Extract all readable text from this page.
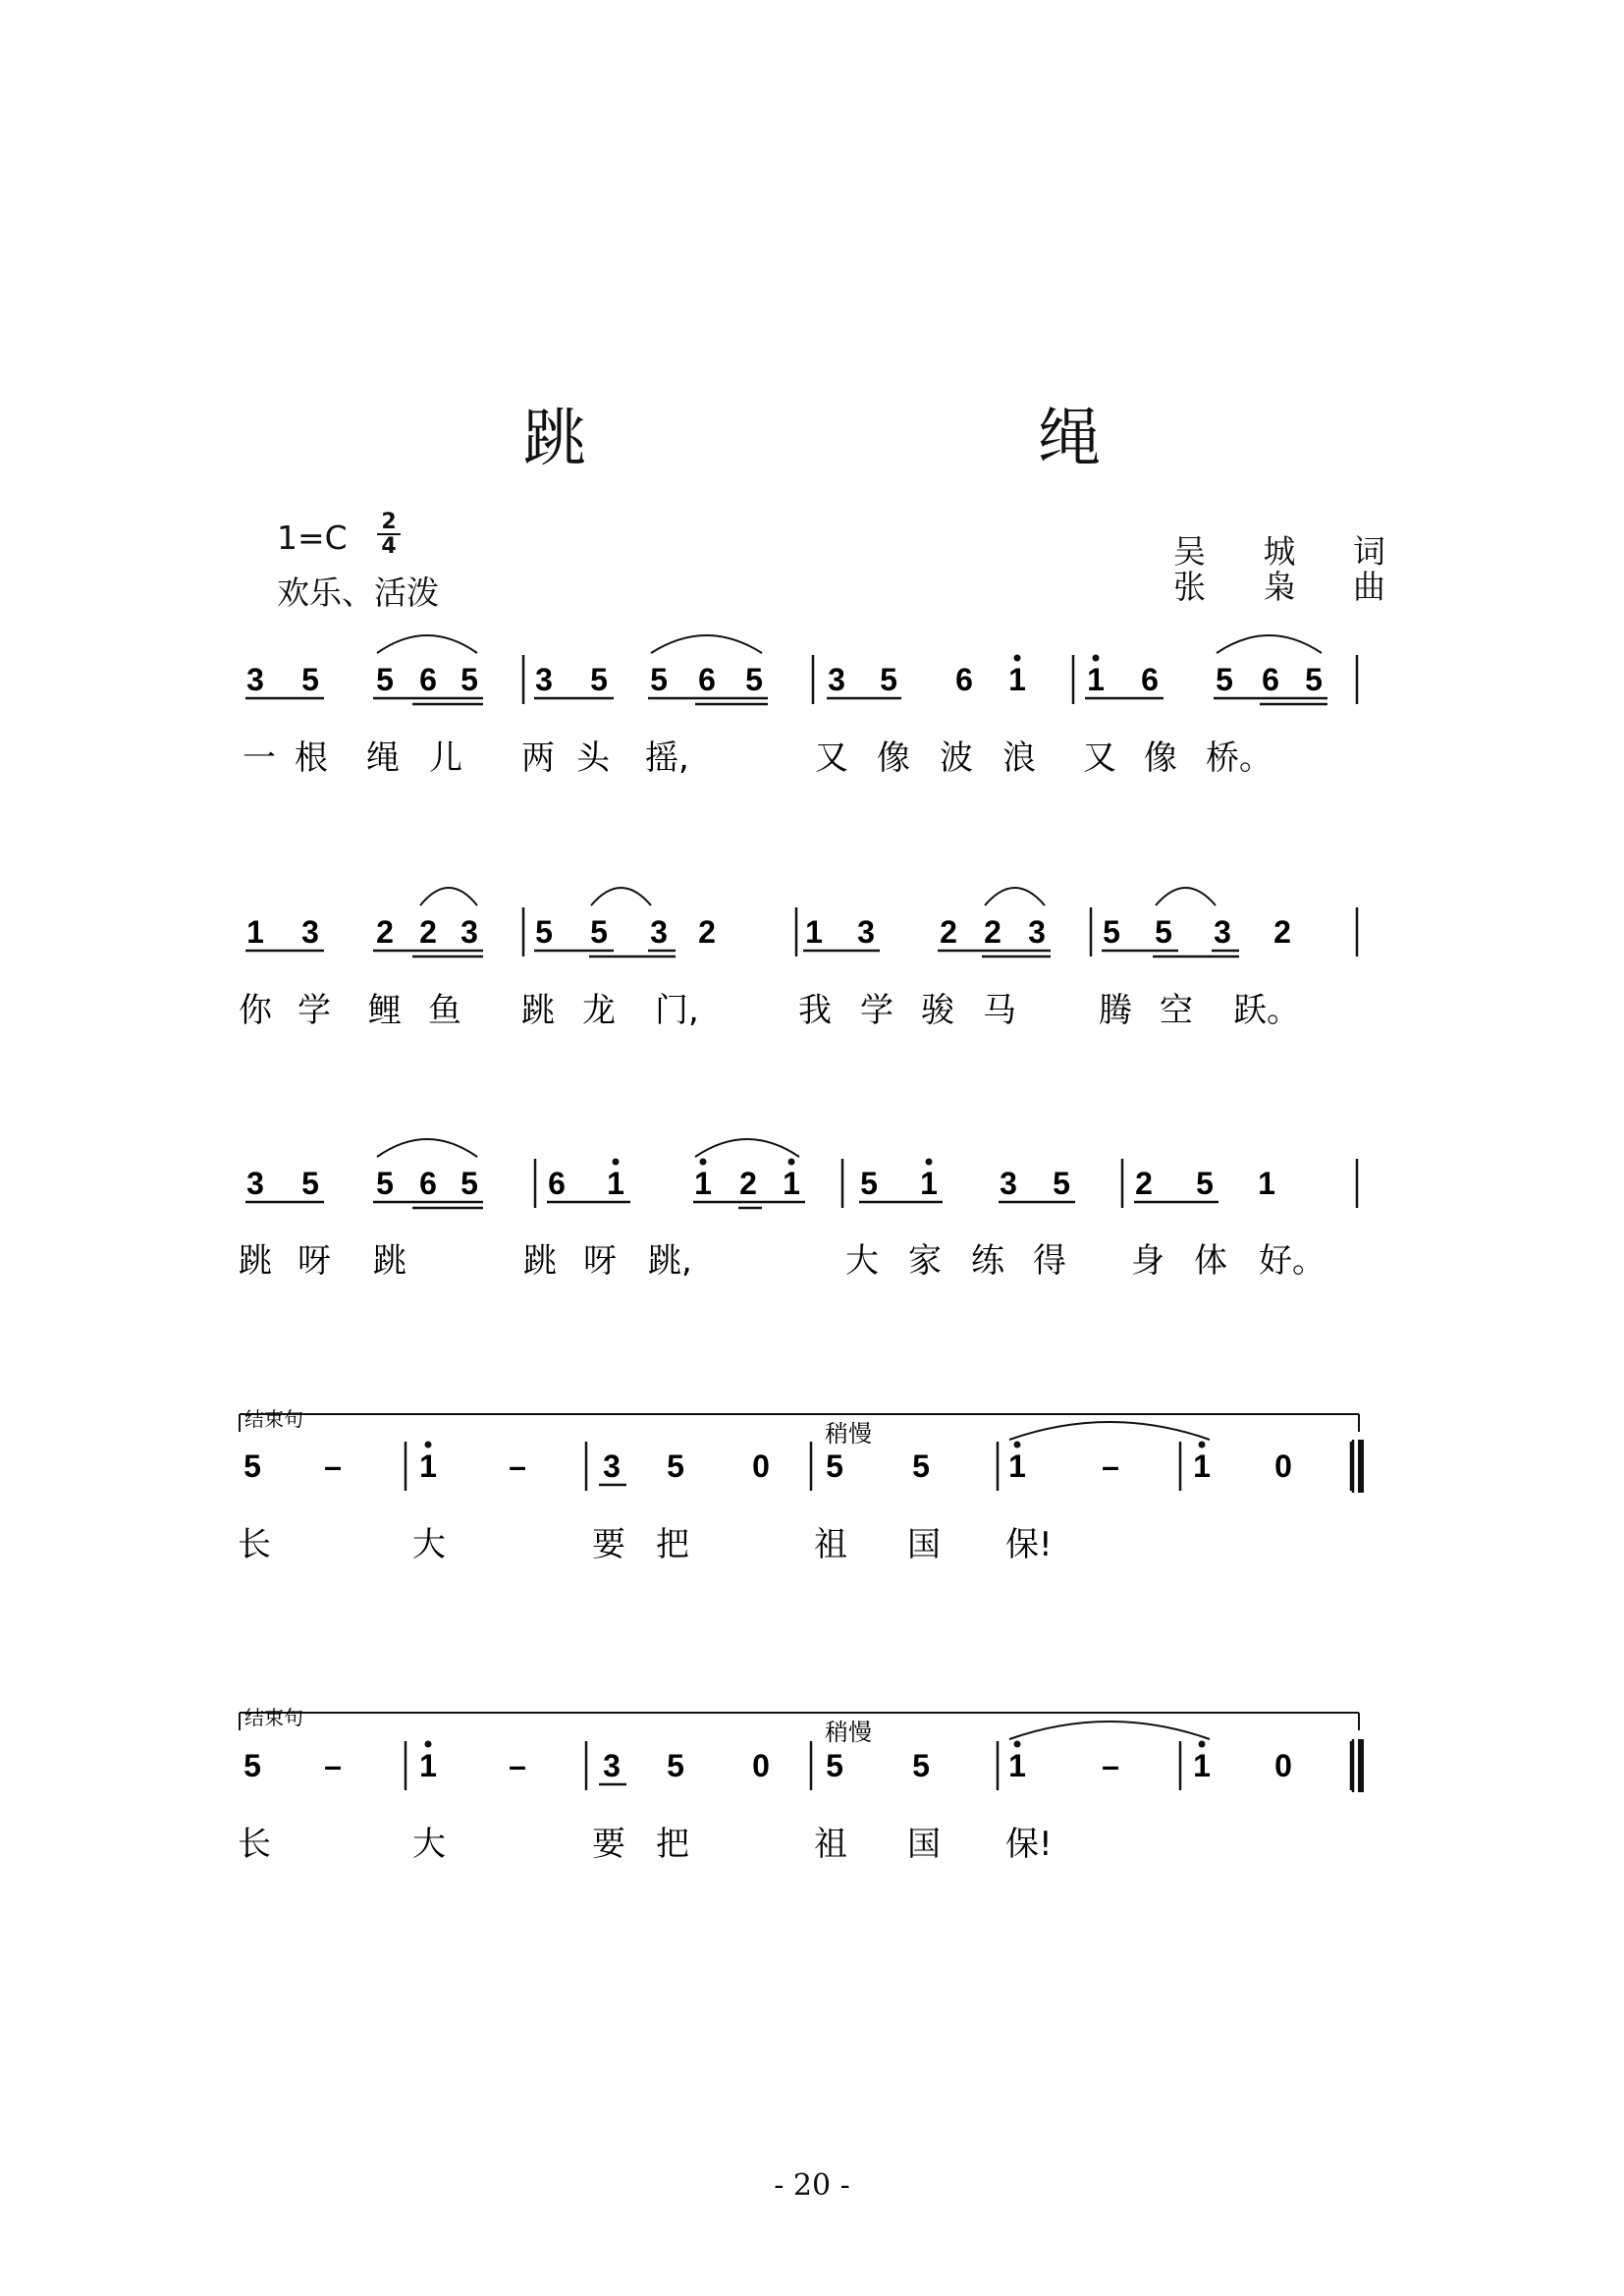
跳 绳
1=C 2
4
欢乐、活泼
吴 城 词
张 枭 曲
3 5 5 6 5 3 5 5 6 5 3 5 6 1 1 6 5 6 5
一 根 绳 儿 两 头 摇,	又 像 波 浪 又 像 桥。
1 3 2 2 3 5 5 3 2	1 3 2 2 3 5 5 3 2
你 学 鲤 鱼 跳 龙 门,	我 学 骏 马 腾 空 跃。
3 5 5 6 5 6 1 1 2 1 5 1 3 5 2 5 1
跳 呀 跳	跳 呀 跳,	大 家 练 得 身 体 好。
结束句
稍慢
5 – 1 – 3 5 0 5 5	1 – 1 0
长	大	要 把	祖 国 保!
结束句
稍慢
5 – 1 – 3 5 0 5 5	1 – 1 0
长	大	要 把	祖 国 保!
- 20 -
